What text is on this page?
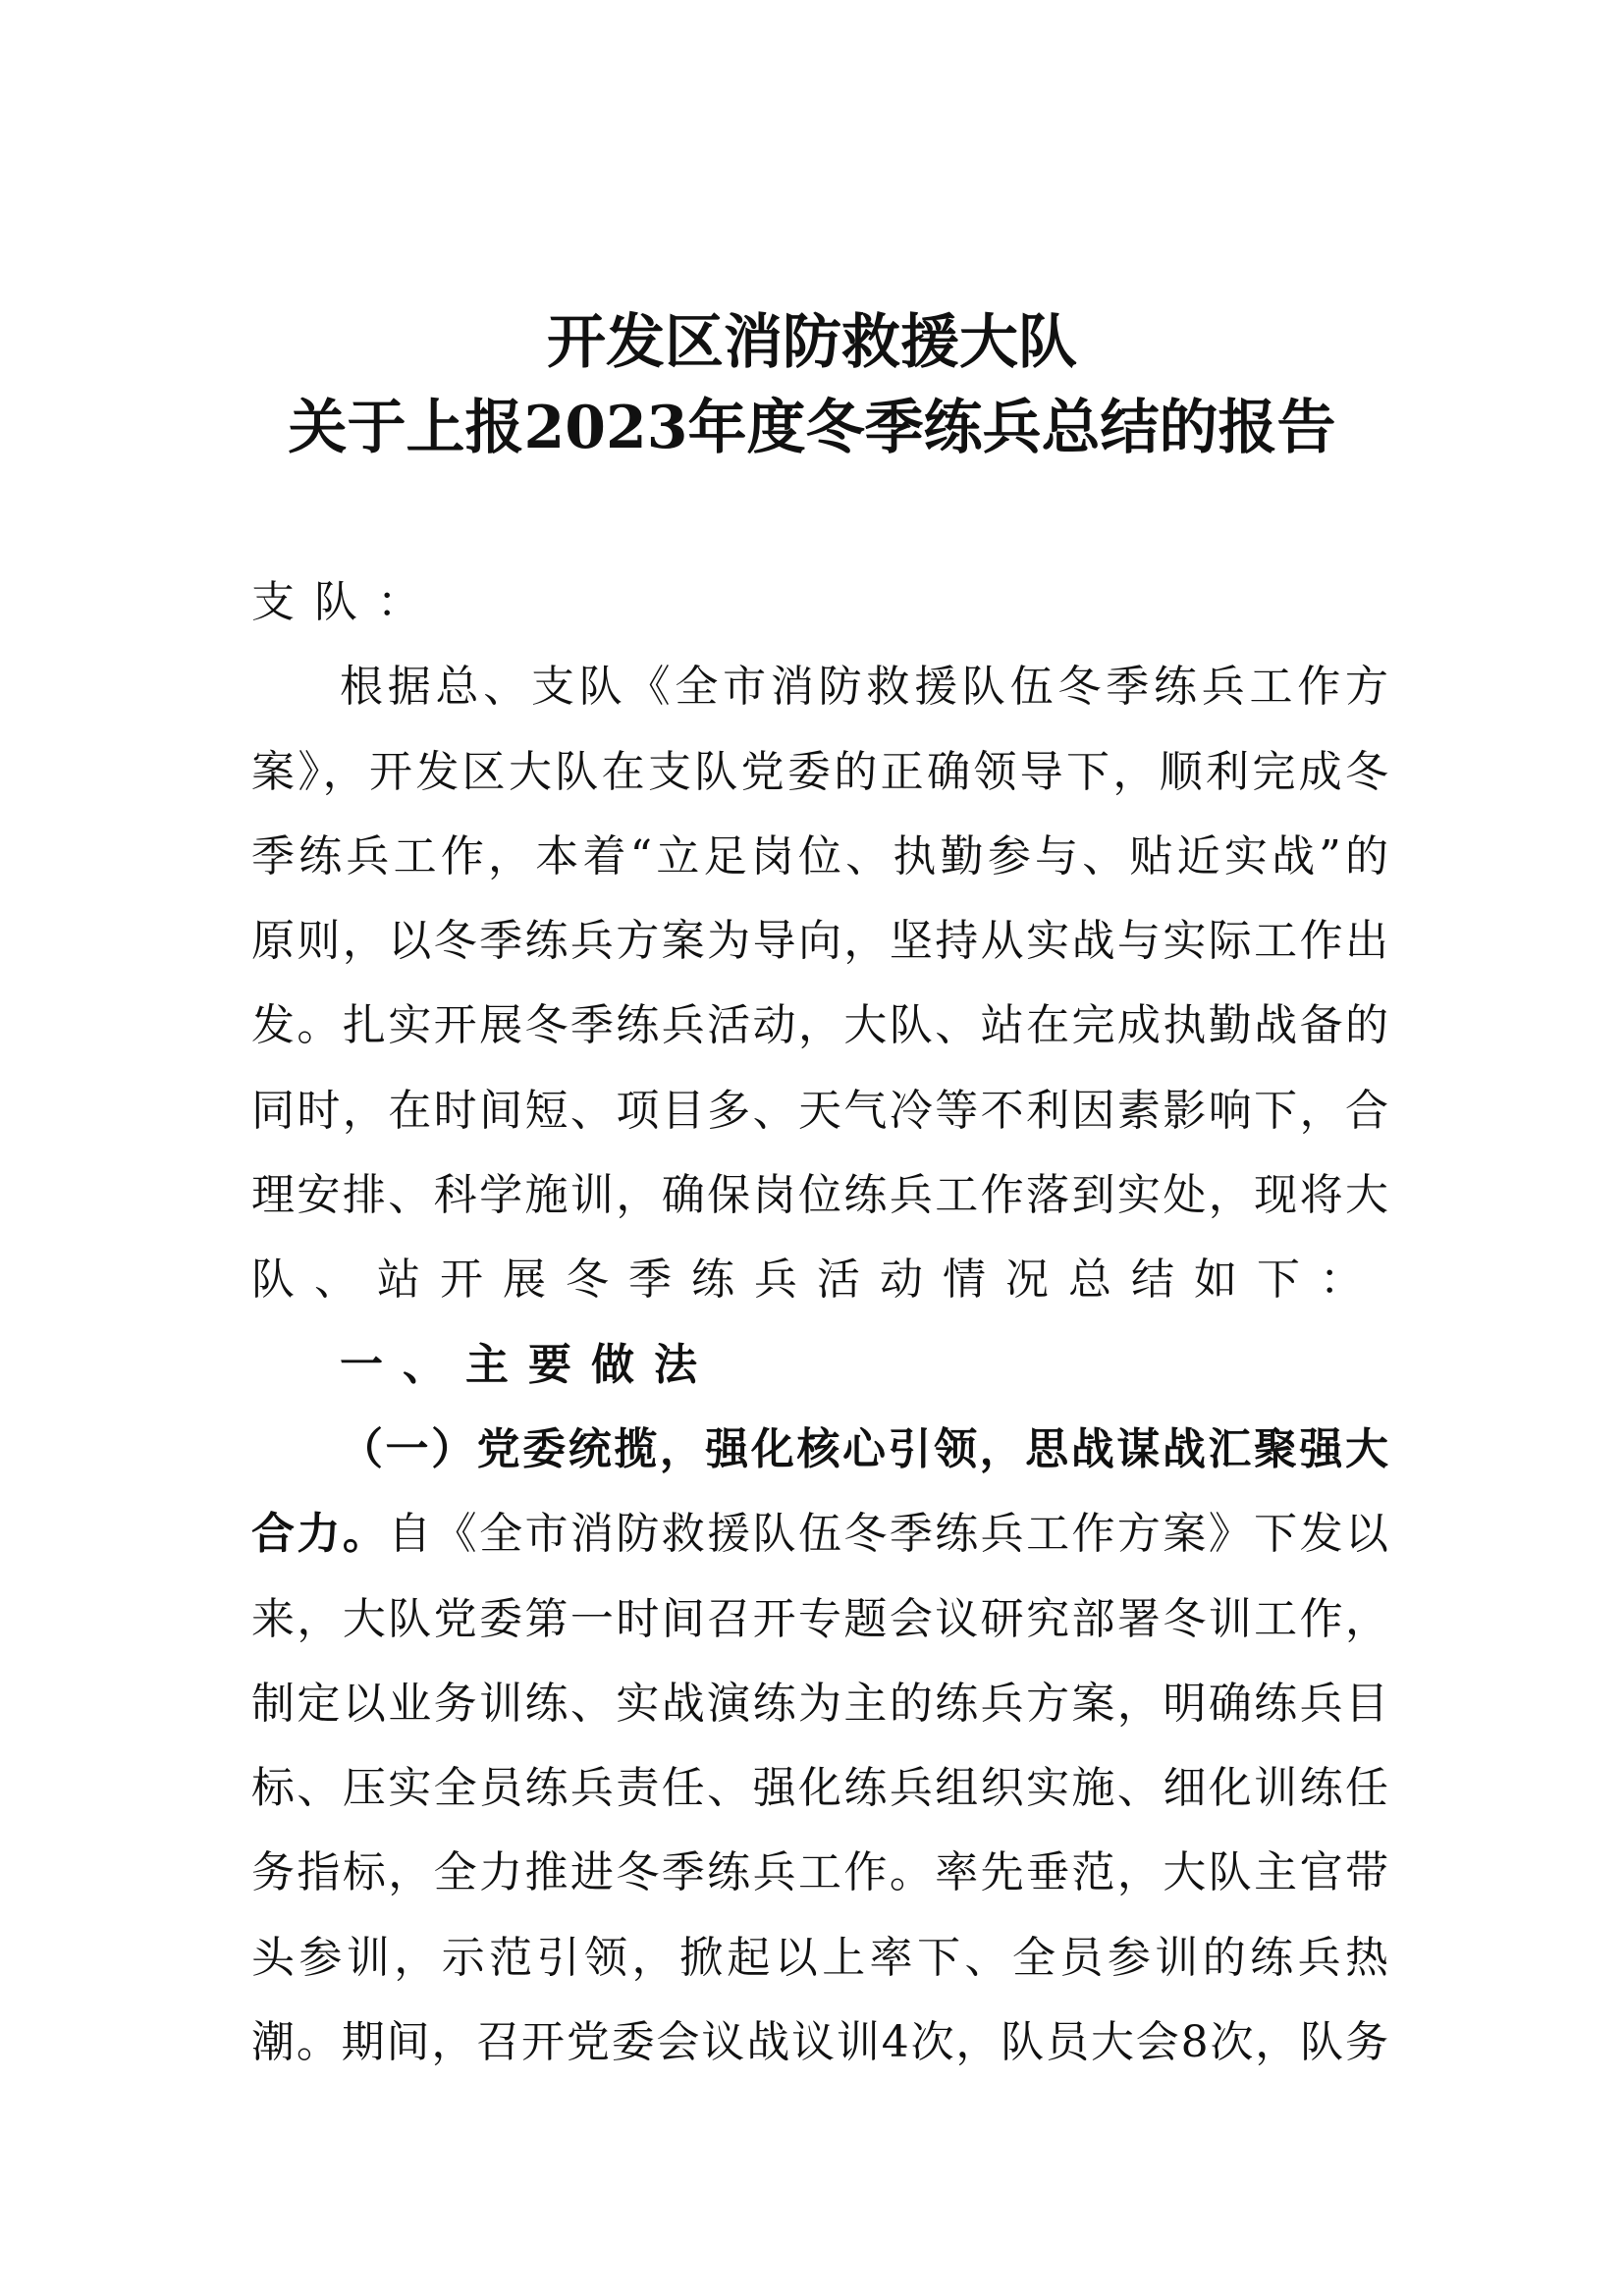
开发区消防救援大队
关于上报2023年度冬季练兵总结的报告
支队：
根据总、支队《全市消防救援队伍冬季练兵工作方
案》，开发区大队在支队党委的正确领导下，顺利完成冬
季练兵工作，本着“立足岗位、执勤参与、贴近实战”的
原则，以冬季练兵方案为导向，坚持从实战与实际工作出
发。扎实开展冬季练兵活动，大队、站在完成执勤战备的
同时，在时间短、项目多、天气冷等不利因素影响下，合
理安排、科学施训，确保岗位练兵工作落到实处，现将大
队、站开展冬季练兵活动情况总结如下：
一、主要做法
（一）党委统揽，强化核心引领，思战谋战汇聚强大
合力。自《全市消防救援队伍冬季练兵工作方案》下发以
来，大队党委第一时间召开专题会议研究部署冬训工作，
制定以业务训练、实战演练为主的练兵方案，明确练兵目
标、压实全员练兵责任、强化练兵组织实施、细化训练任
务指标，全力推进冬季练兵工作。率先垂范，大队主官带
头参训，示范引领，掀起以上率下、全员参训的练兵热
潮。期间，召开党委会议战议训4次，队员大会8次，队务
